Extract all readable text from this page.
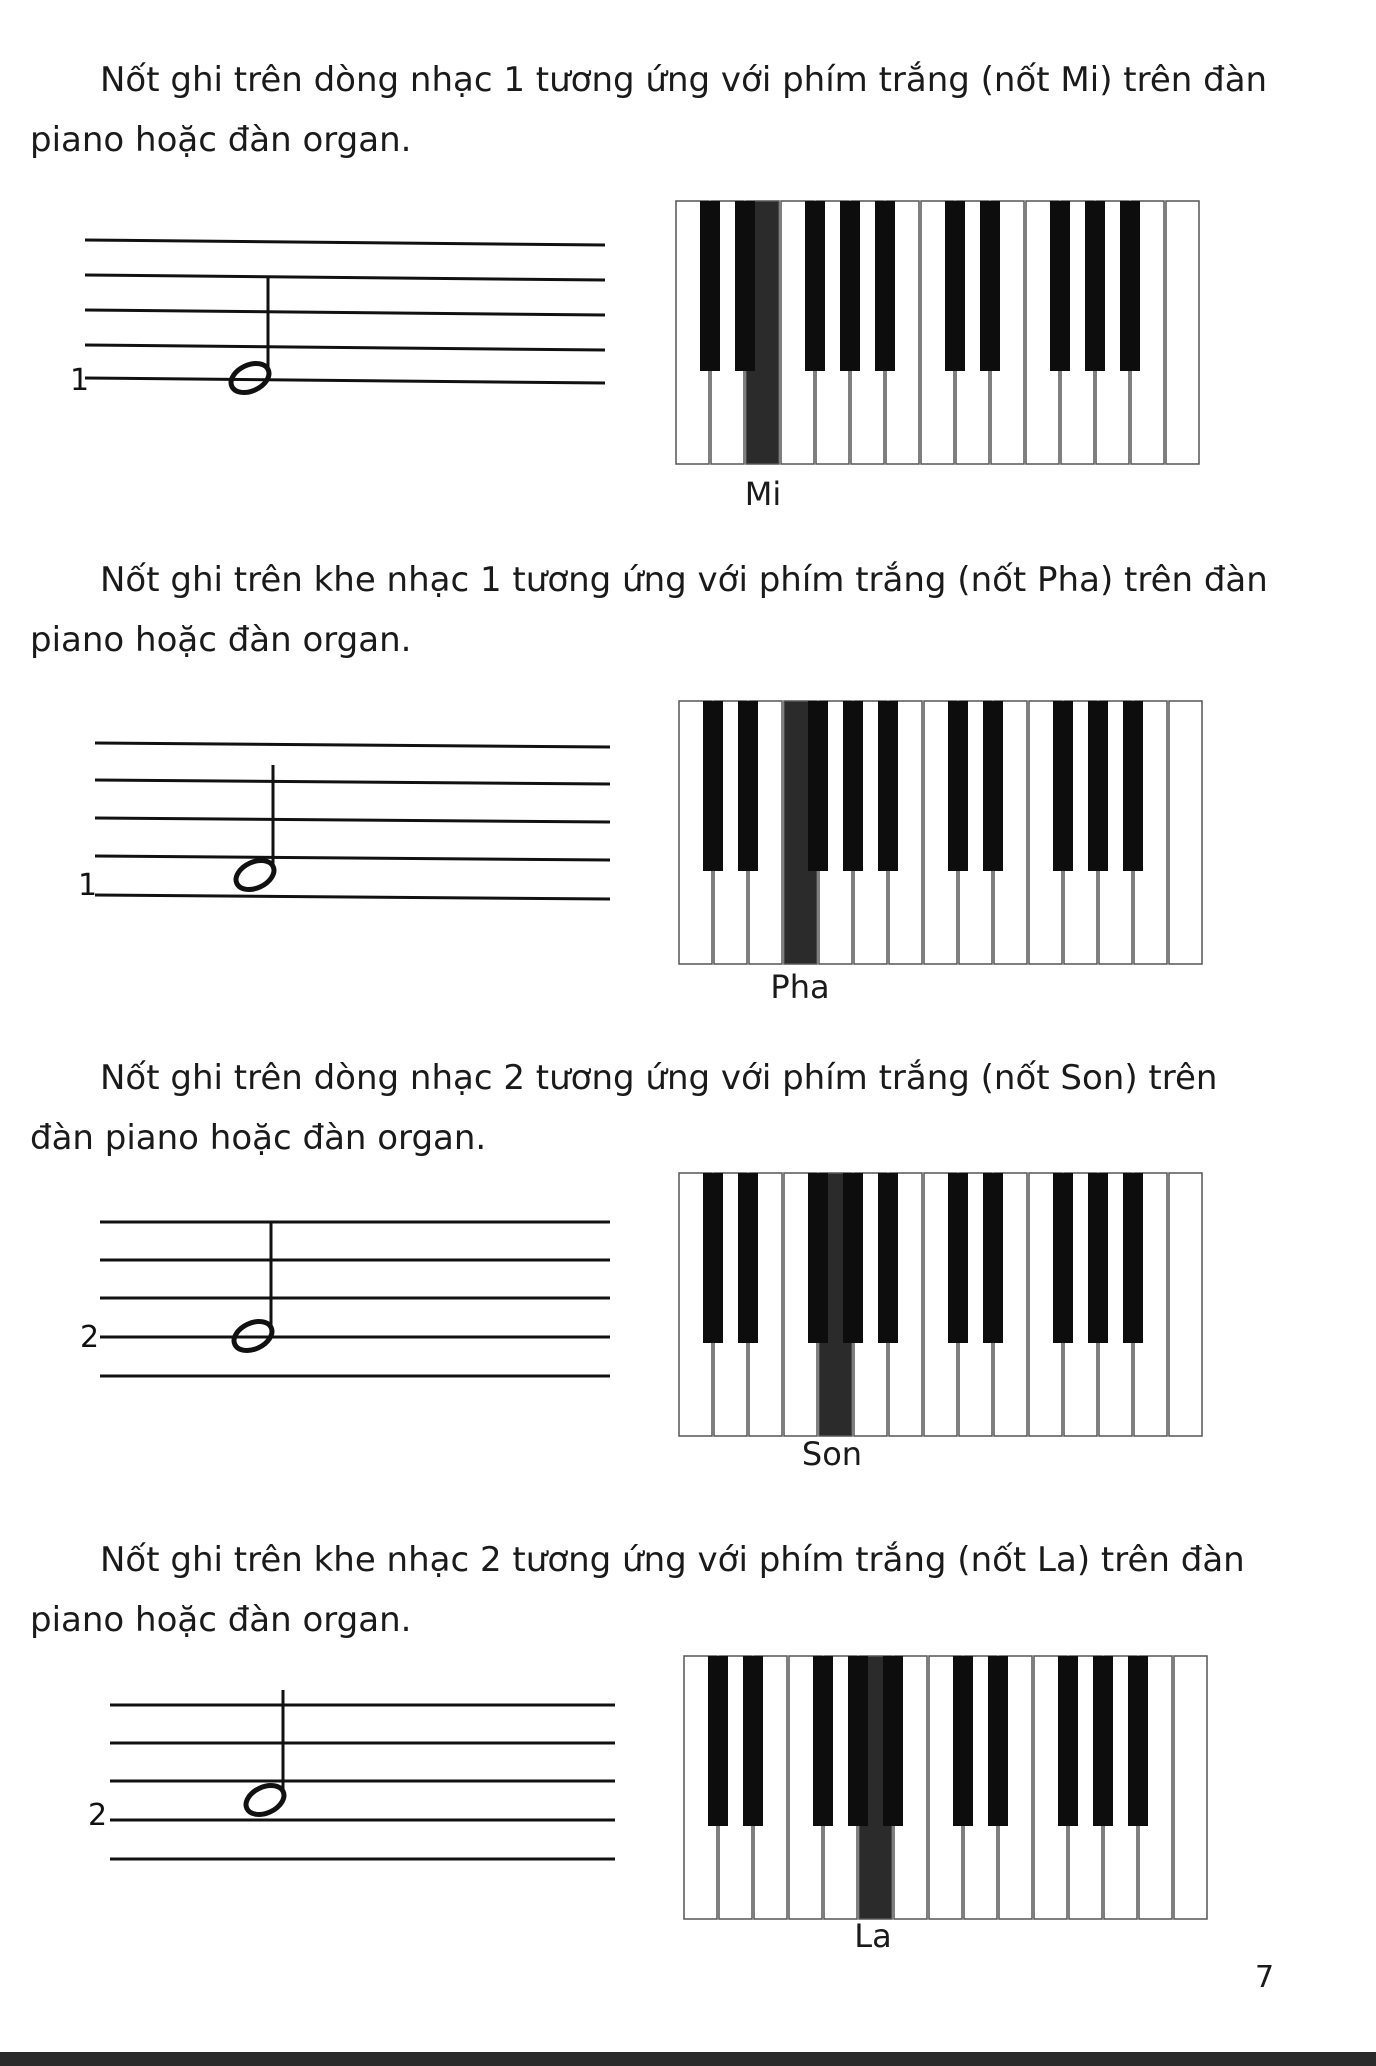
Nốt ghi trên dòng nhạc 1 tương ứng với phím trắng (nốt Mi) trên đàn piano hoặc đàn organ.

1
Mi

Nốt ghi trên khe nhạc 1 tương ứng với phím trắng (nốt Pha) trên đàn piano hoặc đàn organ.

1
Pha

Nốt ghi trên dòng nhạc 2 tương ứng với phím trắng (nốt Son) trên đàn piano hoặc đàn organ.

2
Son

Nốt ghi trên khe nhạc 2 tương ứng với phím trắng (nốt La) trên đàn piano hoặc đàn organ.

2
La
7
